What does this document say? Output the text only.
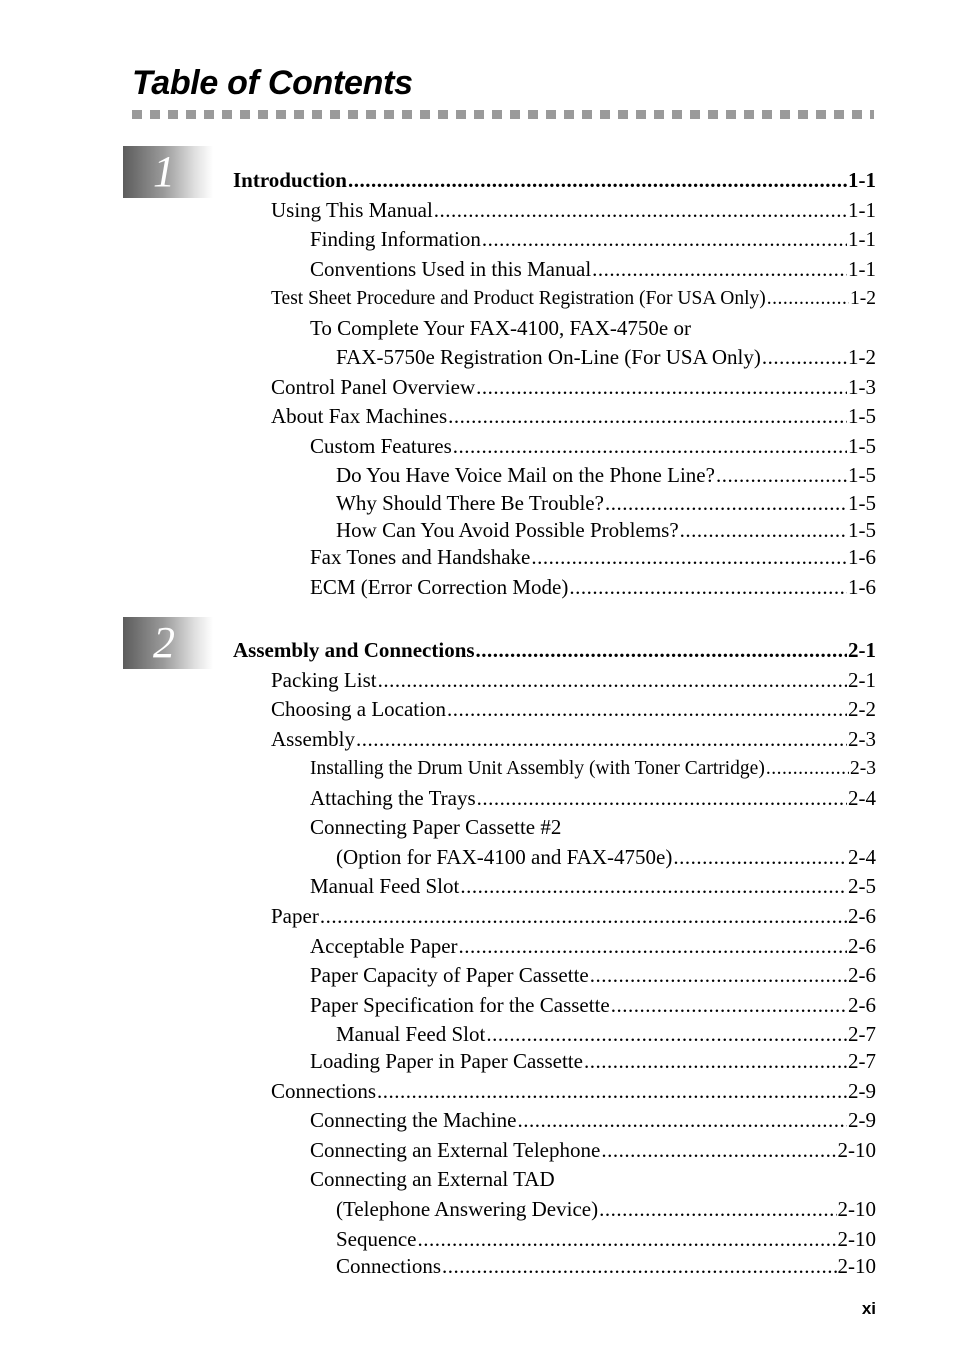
Table of Contents
1	Introduction .....	1-1
Using This Manual .....	1-1
Finding Information .....	1-1
Conventions Used in this Manual .....	1-1
Test Sheet Procedure and Product Registration (For USA Only) .....	1-2
To Complete Your FAX-4100, FAX-4750e or
FAX-5750e Registration On-Line (For USA Only) .....	1-2
Control Panel Overview .....	1-3
About Fax Machines .....	1-5
Custom Features .....	1-5
Do You Have Voice Mail on the Phone Line? .....	1-5
Why Should There Be Trouble? .....	1-5
How Can You Avoid Possible Problems? .....	1-5
Fax Tones and Handshake .....	1-6
ECM (Error Correction Mode) .....	1-6
2	Assembly and Connections .....	2-1
Packing List .....	2-1
Choosing a Location .....	2-2
Assembly .....	2-3
Installing the Drum Unit Assembly (with Toner Cartridge) .....	2-3
Attaching the Trays .....	2-4
Connecting Paper Cassette #2
(Option for FAX-4100 and FAX-4750e) .....	2-4
Manual Feed Slot .....	2-5
Paper .....	2-6
Acceptable Paper .....	2-6
Paper Capacity of Paper Cassette .....	2-6
Paper Specification for the Cassette .....	2-6
Manual Feed Slot .....	2-7
Loading Paper in Paper Cassette .....	2-7
Connections .....	2-9
Connecting the Machine .....	2-9
Connecting an External Telephone .....	2-10
Connecting an External TAD
(Telephone Answering Device) .....	2-10
Sequence .....	2-10
Connections .....	2-10
xi
